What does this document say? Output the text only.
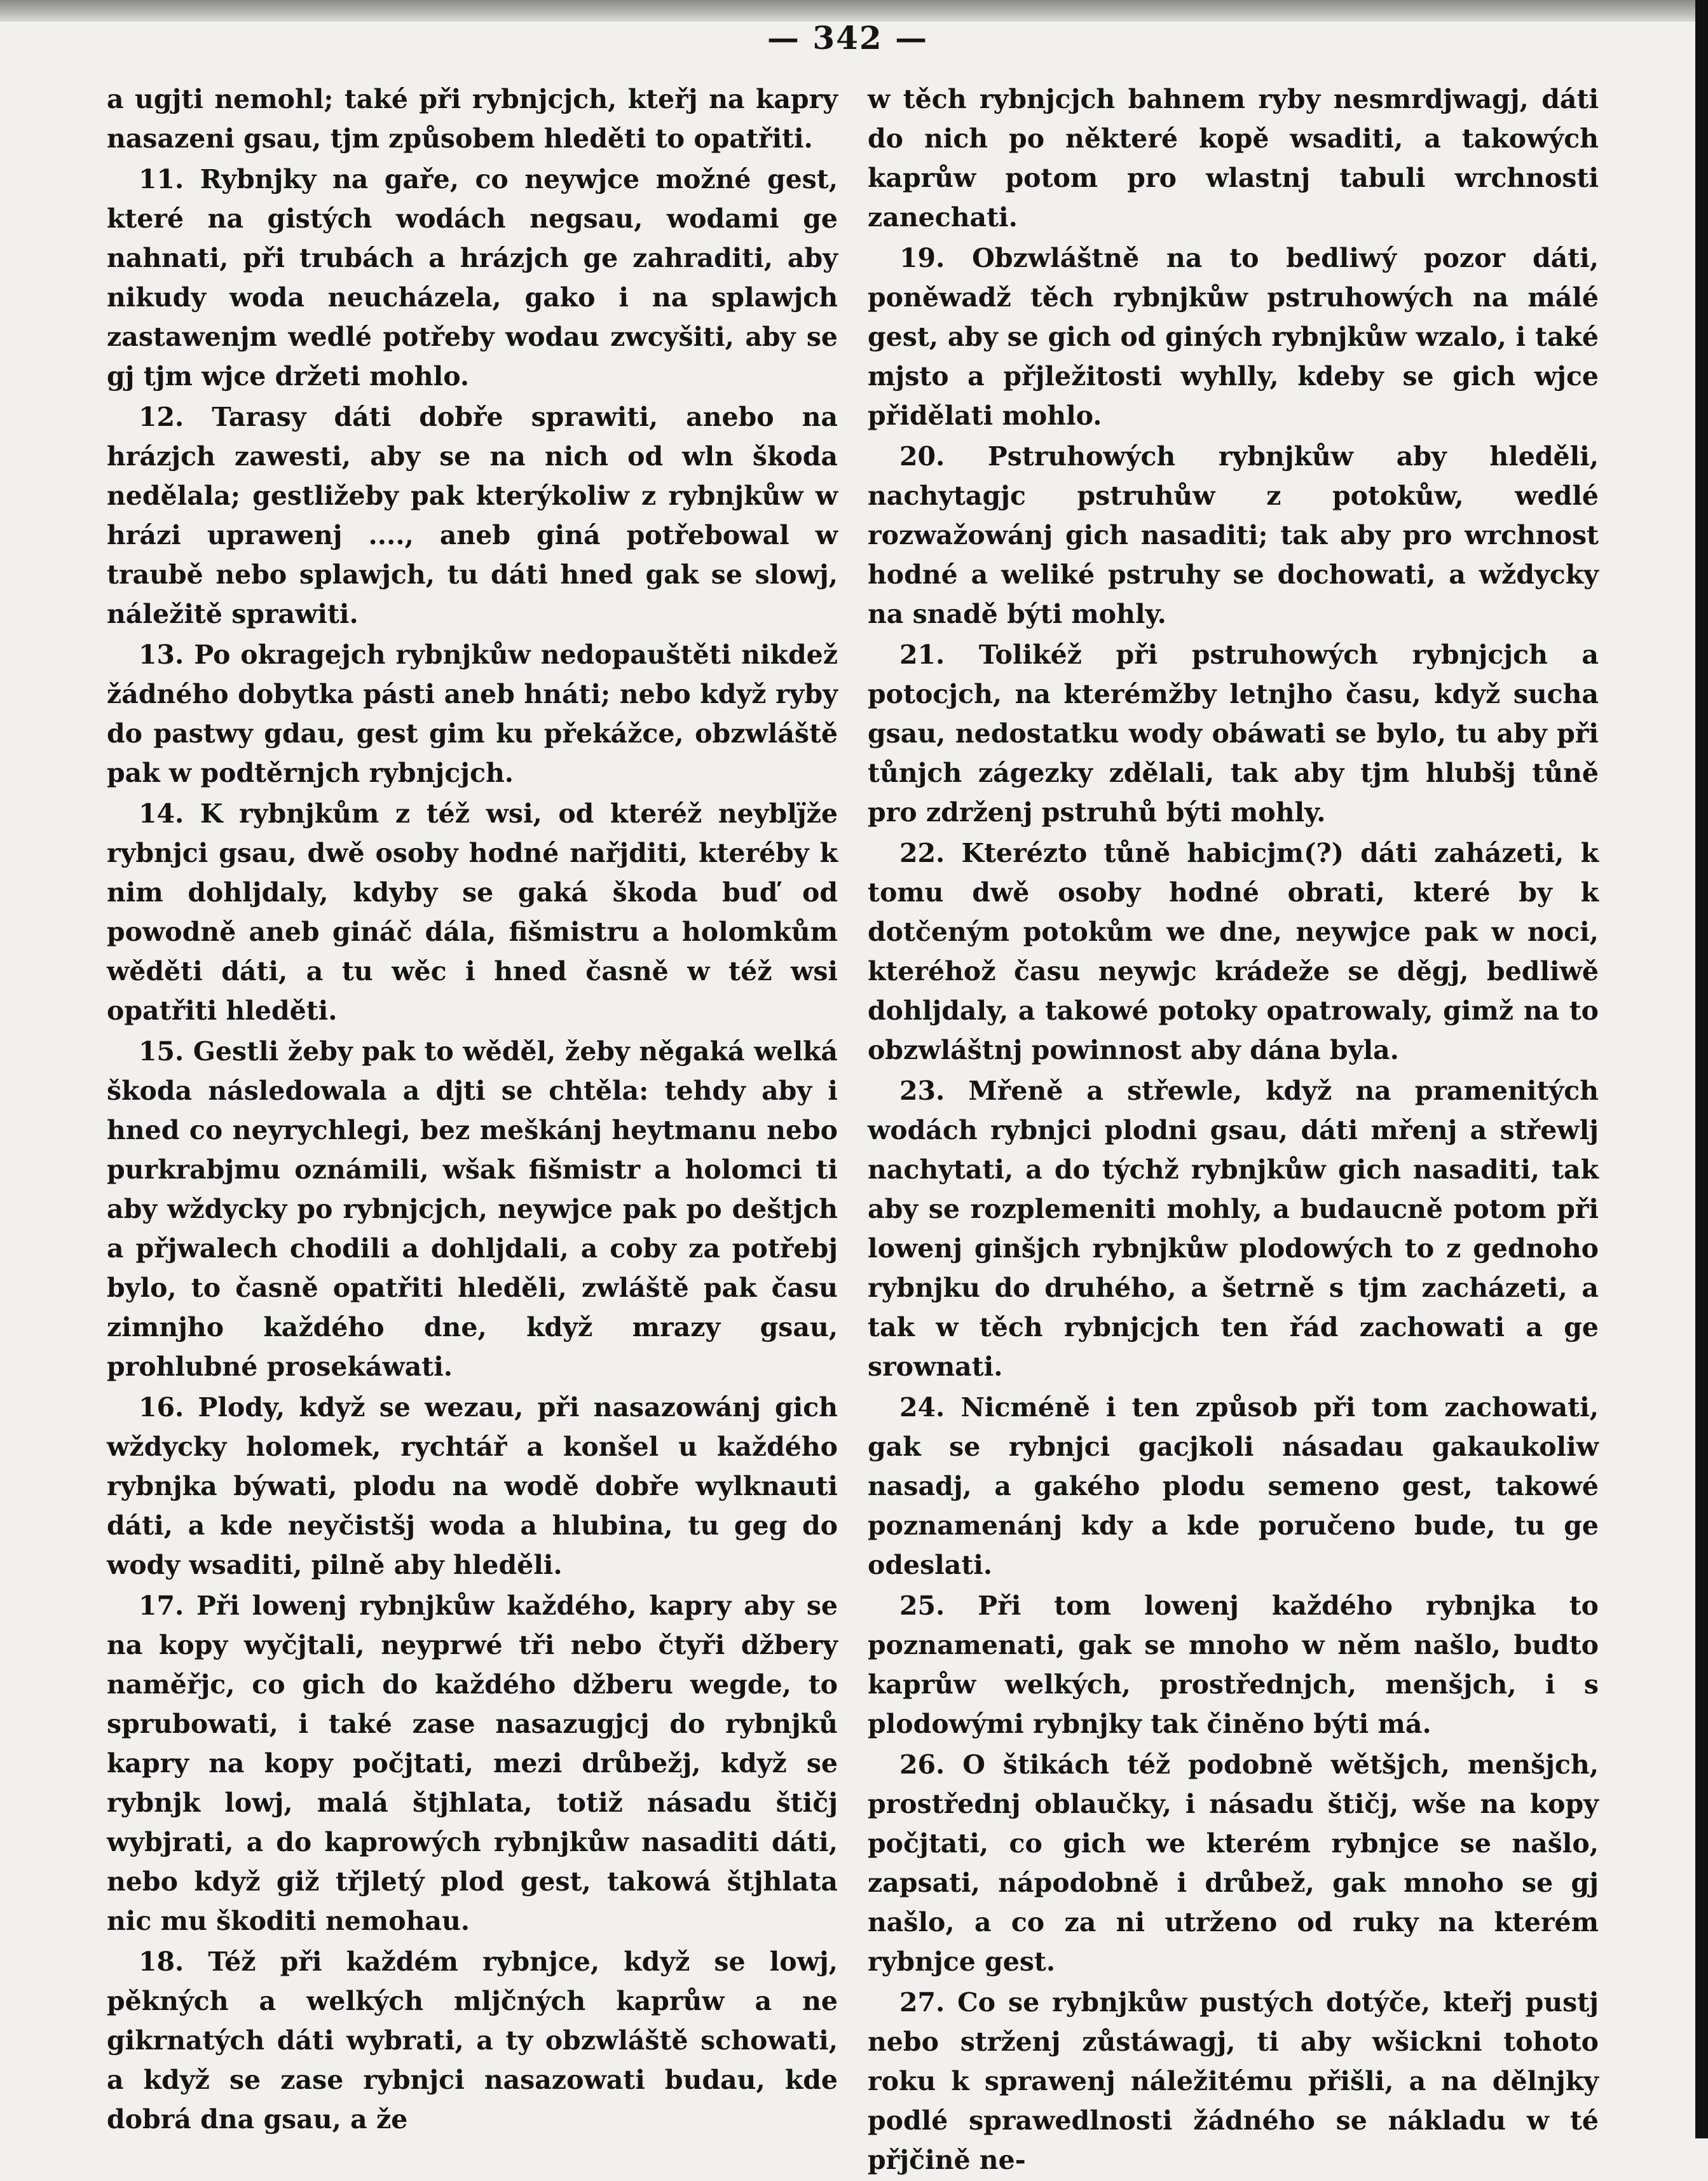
— 342 —

a ugjti nemohl; také při rybnjcjch, kteřj na kapry nasazeni gsau, tjm způsobem hleděti to opatřiti.

11. Rybnjky na gaře, co neywjce možné gest, které na gistých wodách negsau, wodami ge nahnati, při trubách a hrázjch ge zahraditi, aby nikudy woda neucházela, gako i na splawjch zastawenjm wedlé potřeby wodau zwcyšiti, aby se gj tjm wjce držeti mohlo.

12. Tarasy dáti dobře sprawiti, anebo na hrázjch zawesti, aby se na nich od wln škoda nedělala; gestližeby pak kterýkoliw z rybnjkůw w hrázi uprawenj ...., aneb giná potřebowal w traubě nebo splawjch, tu dáti hned gak se slowj, náležitě sprawiti.

13. Po okragejch rybnjkůw nedopauštěti nikdež žádného dobytka pásti aneb hnáti; nebo když ryby do pastwy gdau, gest gim ku překážce, obzwláště pak w podtěrnjch rybnjcjch.

14. K rybnjkům z též wsi, od kteréž neyblj̈že rybnjci gsau, dwě osoby hodné nařjditi, kteréby k nim dohljdaly, kdyby se gaká škoda buď od powodně aneb gináč dála, fišmistru a holomkům wěděti dáti, a tu wěc i hned časně w též wsi opatřiti hleděti.

15. Gestli žeby pak to wěděl, žeby něgaká welká škoda následowala a djti se chtěla: tehdy aby i hned co neyrychlegi, bez meškánj heytmanu nebo purkrabjmu oznámili, wšak fišmistr a holomci ti aby wždycky po rybnjcjch, neywjce pak po deštjch a přjwalech chodili a dohljdali, a coby za potřebj bylo, to časně opatřiti hleděli, zwláště pak času zimnjho každého dne, když mrazy gsau, prohlubné prosekáwati.

16. Plody, když se wezau, při nasazowánj gich wždycky holomek, rychtář a konšel u každého rybnjka býwati, plodu na wodě dobře wylknauti dáti, a kde neyčistšj woda a hlubina, tu geg do wody wsaditi, pilně aby hleděli.

17. Při lowenj rybnjkůw každého, kapry aby se na kopy wyčjtali, neyprwé tři nebo čtyři džbery naměřjc, co gich do každého džberu wegde, to sprubowati, i také zase nasazugjcj do rybnjků kapry na kopy počjtati, mezi drůbežj, když se rybnjk lowj, malá štjhlata, totiž násadu štičj wybjrati, a do kaprowých rybnjkůw nasaditi dáti, nebo když giž třjletý plod gest, takowá štjhlata nic mu škoditi nemohau.

18. Též při každém rybnjce, když se lowj, pěkných a welkých mljčných kaprůw a ne gikrnatých dáti wybrati, a ty obzwláště schowati, a když se zase rybnjci nasazowati budau, kde dobrá dna gsau, a že

w těch rybnjcjch bahnem ryby nesmrdjwagj, dáti do nich po některé kopě wsaditi, a takowých kaprůw potom pro wlastnj tabuli wrchnosti zanechati.

19. Obzwláštně na to bedliwý pozor dáti, poněwadž těch rybnjkůw pstruhowých na málé gest, aby se gich od giných rybnjkůw wzalo, i také mjsto a přjležitosti wyhlly, kdeby se gich wjce přidělati mohlo.

20. Pstruhowých rybnjkůw aby hleděli, nachytagjc pstruhůw z potokůw, wedlé rozwažowánj gich nasaditi; tak aby pro wrchnost hodné a weliké pstruhy se dochowati, a wždycky na snadě býti mohly.

21. Tolikéž při pstruhowých rybnjcjch a potocjch, na kterémžby letnjho času, když sucha gsau, nedostatku wody obáwati se bylo, tu aby při tůnjch zágezky zdělali, tak aby tjm hlubšj tůně pro zdrženj pstruhů býti mohly.

22. Kterézto tůně habicjm(?) dáti zaházeti, k tomu dwě osoby hodné obrati, které by k dotčeným potokům we dne, neywjce pak w noci, kteréhož času neywjc krádeže se děgj, bedliwě dohljdaly, a takowé potoky opatrowaly, gimž na to obzwláštnj powinnost aby dána byla.

23. Mřeně a střewle, když na pramenitých wodách rybnjci plodni gsau, dáti mřenj a střewlj nachytati, a do týchž rybnjkůw gich nasaditi, tak aby se rozplemeniti mohly, a budaucně potom při lowenj ginšjch rybnjkůw plodowých to z gednoho rybnjku do druhého, a šetrně s tjm zacházeti, a tak w těch rybnjcjch ten řád zachowati a ge srownati.

24. Nicméně i ten způsob při tom zachowati, gak se rybnjci gacjkoli násadau gakaukoliw nasadj, a gakého plodu semeno gest, takowé poznamenánj kdy a kde poručeno bude, tu ge odeslati.

25. Při tom lowenj každého rybnjka to poznamenati, gak se mnoho w něm našlo, budto kaprůw welkých, prostřednjch, menšjch, i s plodowými rybnjky tak činěno býti má.

26. O štikách též podobně wětšjch, menšjch, prostřednj oblaučky, i násadu štičj, wše na kopy počjtati, co gich we kterém rybnjce se našlo, zapsati, nápodobně i drůbež, gak mnoho se gj našlo, a co za ni utrženo od ruky na kterém rybnjce gest.

27. Co se rybnjkůw pustých dotýče, kteřj pustj nebo strženj zůstáwagj, ti aby wšickni tohoto roku k sprawenj náležitému přišli, a na dělnjky podlé sprawedlnosti žádného se nákladu w té přjčině ne-
